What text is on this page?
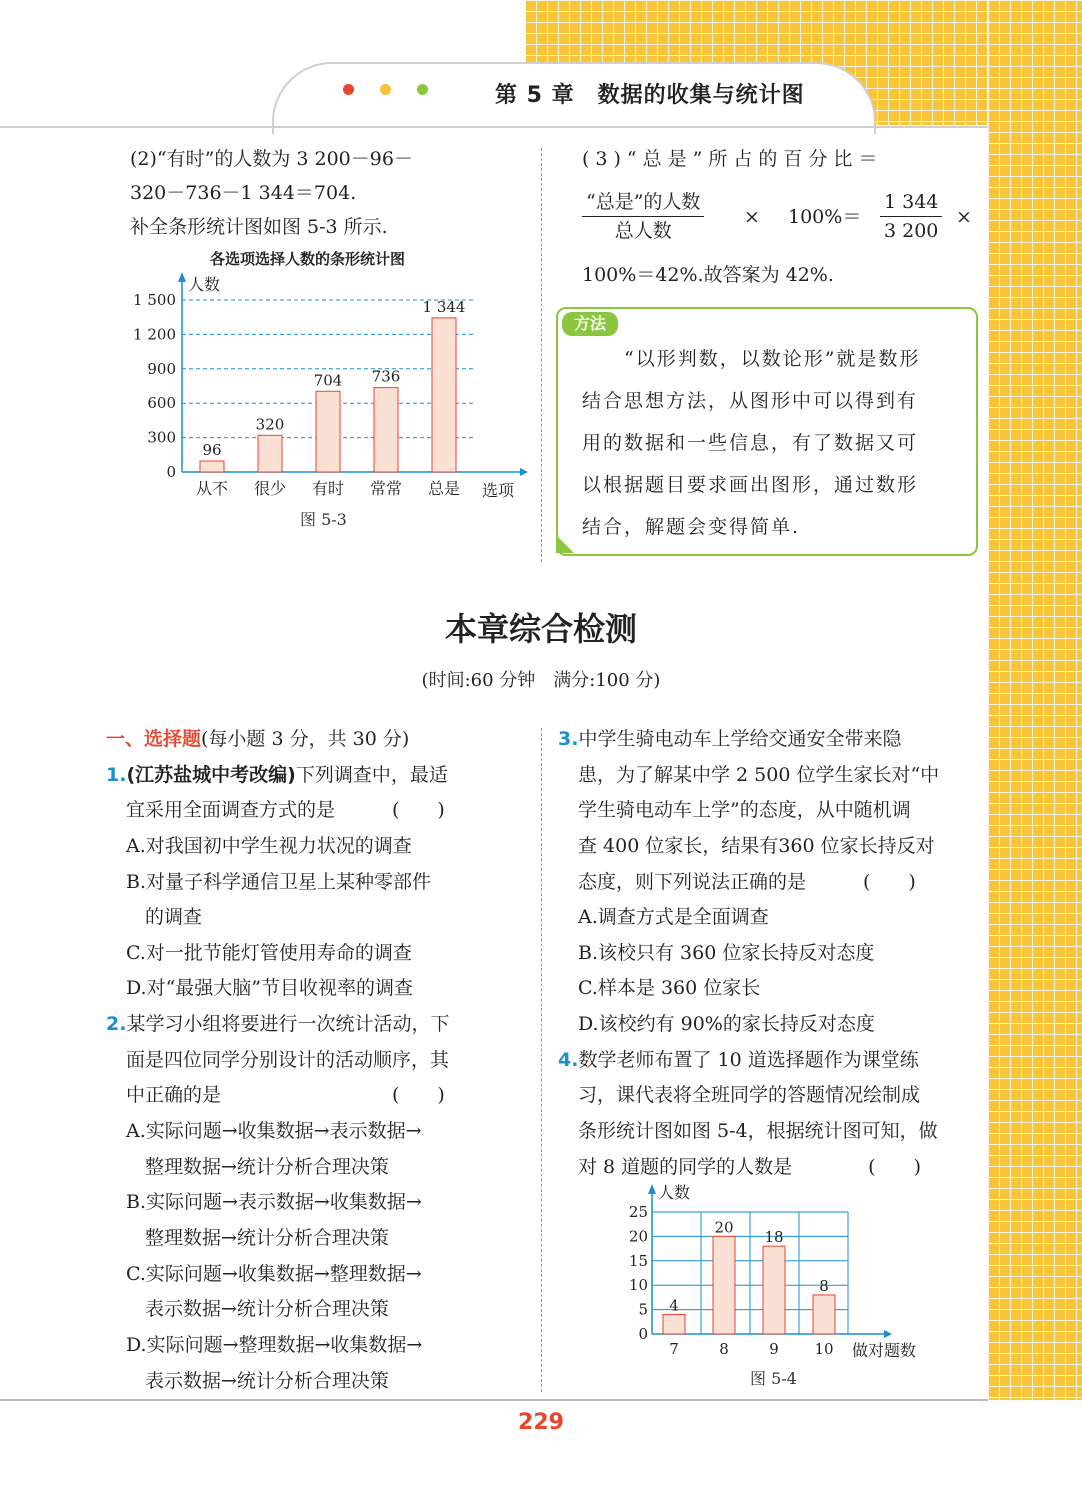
第 5 章　数据的收集与统计图
(2)“有时”的人数为 3 200－96－
320－736－1 344＝704.
补全条形统计图如图 5-3 所示.
各选项选择人数的条形统计图
0
300
600
900
1 200
1 500
人数
选项
96
从不
320
很少
704
有时
736
常常
1 344
总是
图 5-3
(3)“总是”所占的百分比＝
“总是”的人数
总人数
× $100\%= \frac{1 344}{3 200}$ ×
100%＝42%.故答案为 42%.
方法
　　“以形判数，以数论形”就是数形
结合思想方法，从图形中可以得到有
用的数据和一些信息，有了数据又可
以根据题目要求画出图形，通过数形
结合，解题会变得简单.
本章综合检测
(时间:60 分钟　满分:100 分)
一、选择题(每小题 3 分，共 30 分)
1.(江苏盐城中考改编)下列调查中，最适
宜采用全面调查方式的是　　　(　　)
A.对我国初中学生视力状况的调查
B.对量子科学通信卫星上某种零部件
　的调查
C.对一批节能灯管使用寿命的调查
D.对“最强大脑”节目收视率的调查
2.某学习小组将要进行一次统计活动，下
面是四位同学分别设计的活动顺序，其
中正确的是　　　　　　　　　(　　)
A.实际问题→收集数据→表示数据→
　整理数据→统计分析合理决策
B.实际问题→表示数据→收集数据→
　整理数据→统计分析合理决策
C.实际问题→收集数据→整理数据→
　表示数据→统计分析合理决策
D.实际问题→整理数据→收集数据→
　表示数据→统计分析合理决策
3.中学生骑电动车上学给交通安全带来隐
患，为了解某中学 2 500 位学生家长对“中
学生骑电动车上学”的态度，从中随机调
查 400 位家长，结果有360 位家长持反对
态度，则下列说法正确的是　　　(　　)
A.调查方式是全面调查
B.该校只有 360 位家长持反对态度
C.样本是 360 位家长
D.该校约有 90%的家长持反对态度
4.数学老师布置了 10 道选择题作为课堂练
习，课代表将全班同学的答题情况绘制成
条形统计图如图 5-4，根据统计图可知，做
对 8 道题的同学的人数是　　　　(　　)
0
5
10
15
20
25
人数
做对题数
4
7
20
8
18
9
8
10
图 5-4
229
